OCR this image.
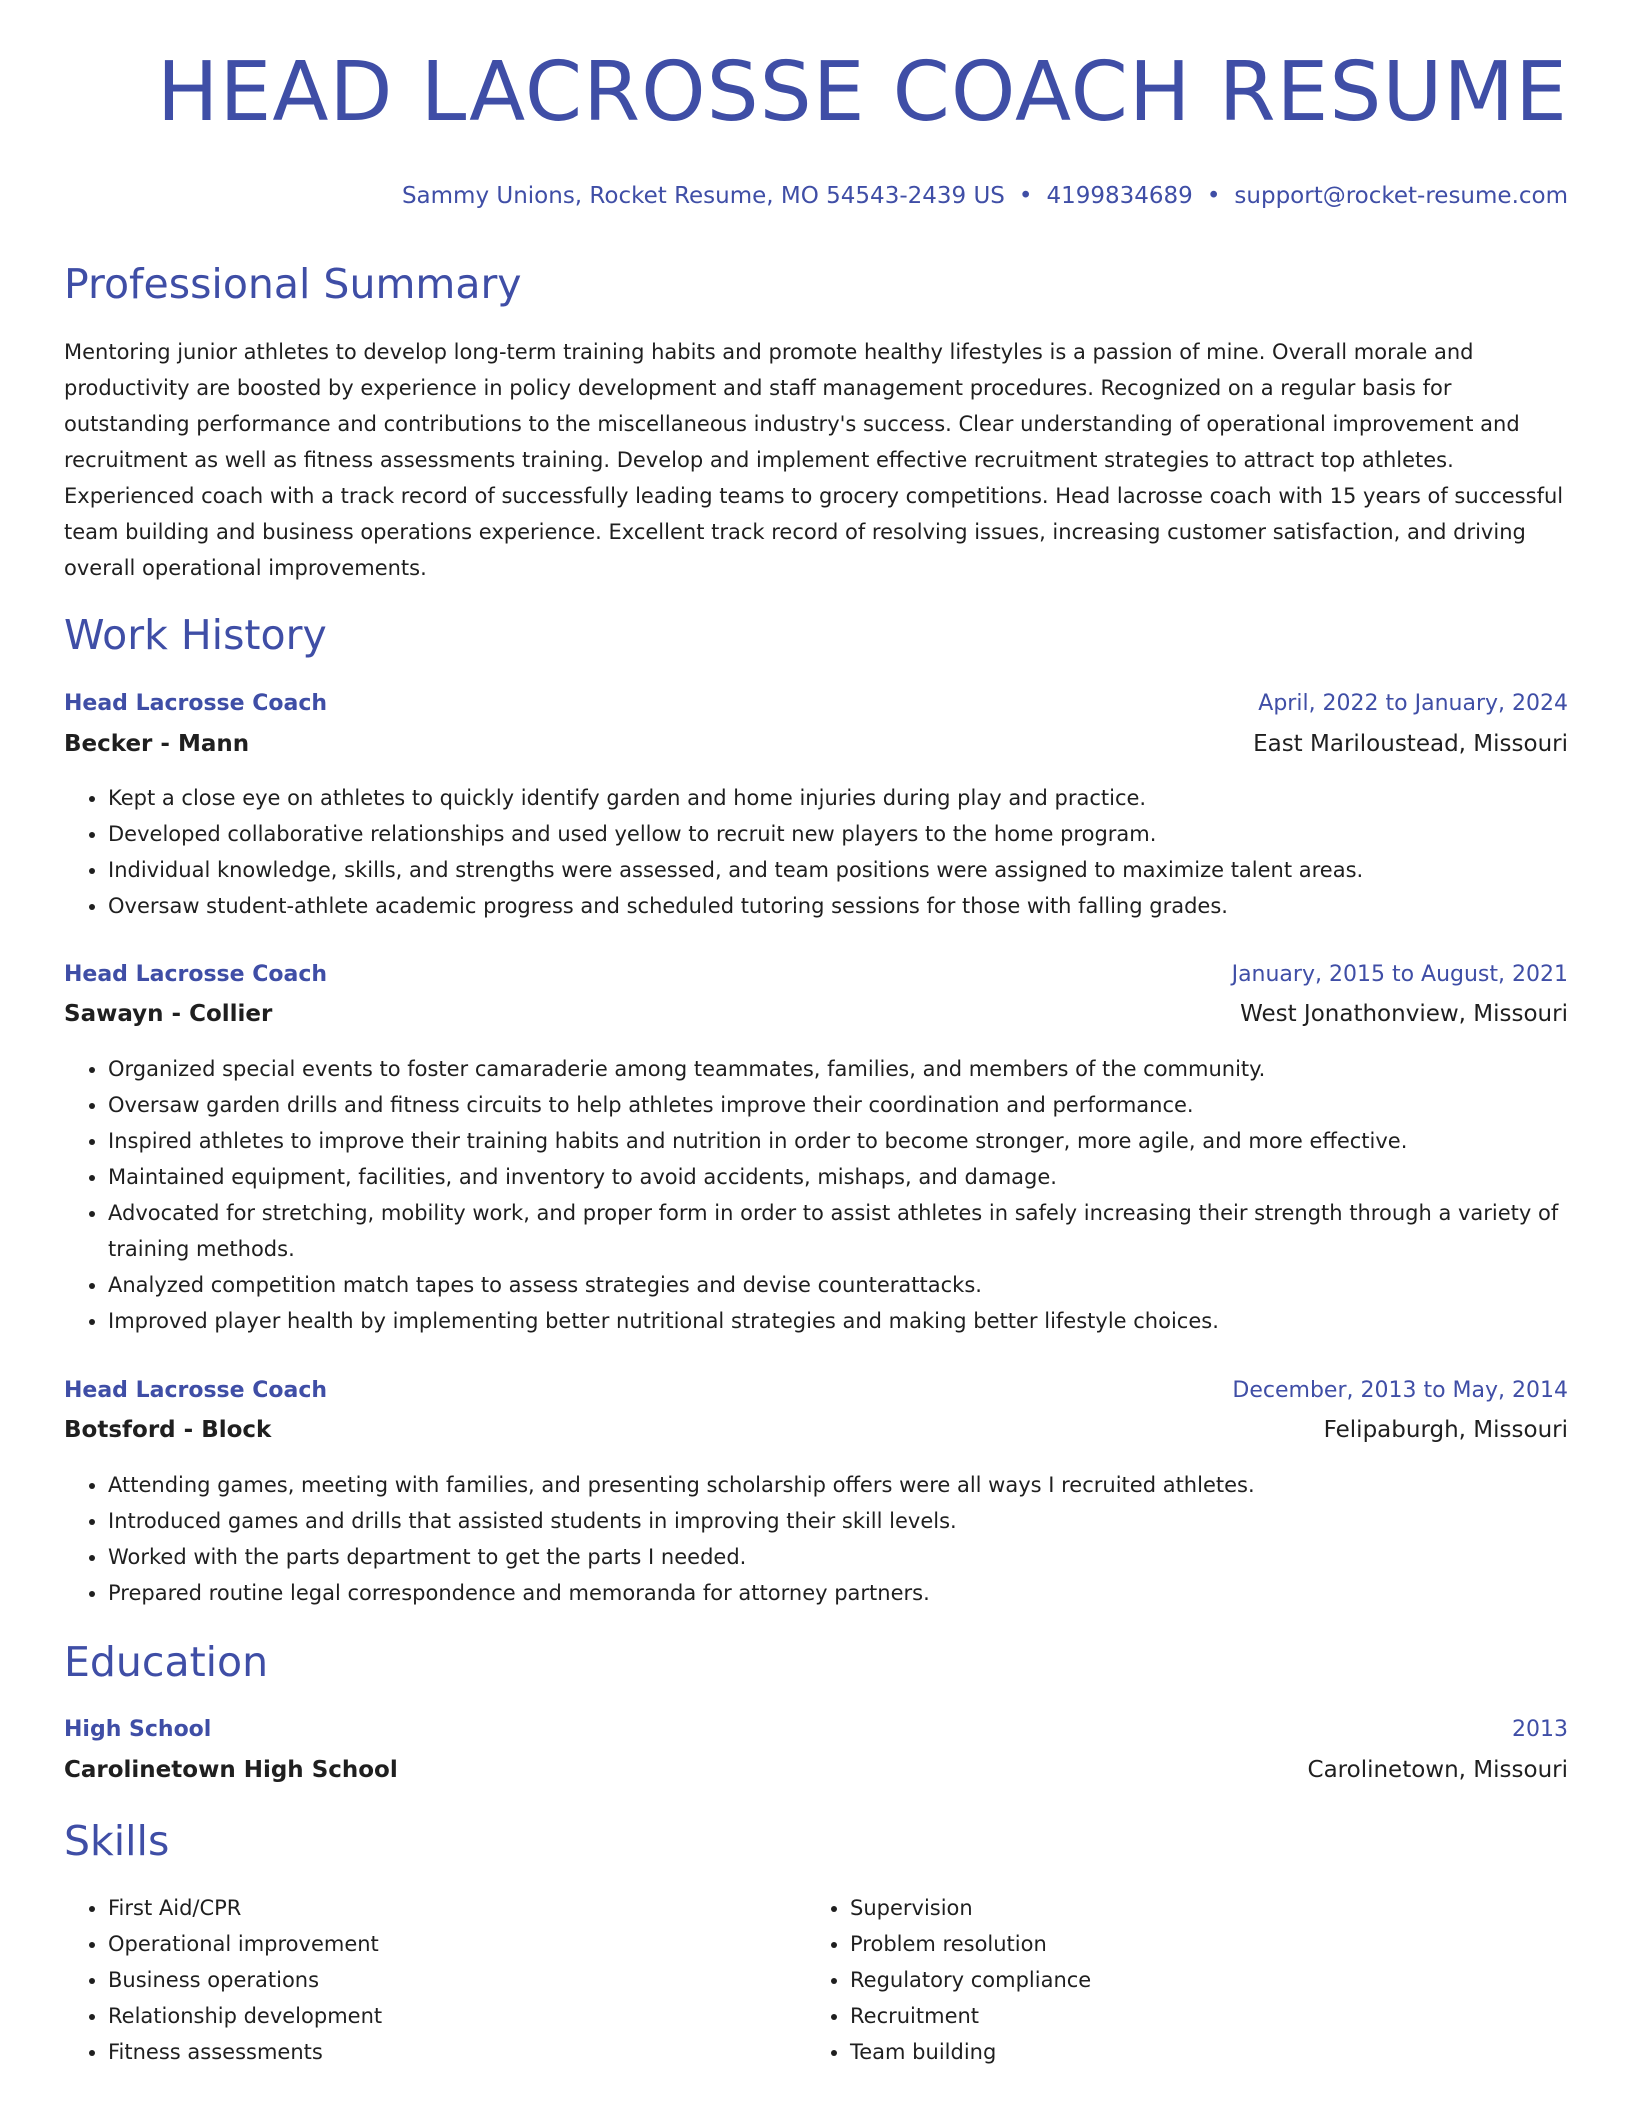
HEAD LACROSSE COACH RESUME
Sammy Unions, Rocket Resume, MO 54543-2439 US • 4199834689 • support@rocket-resume.com
Professional Summary

Mentoring junior athletes to develop long-term training habits and promote healthy lifestyles is a passion of mine. Overall morale and productivity are boosted by experience in policy development and staff management procedures. Recognized on a regular basis for outstanding performance and contributions to the miscellaneous industry's success. Clear understanding of operational improvement and recruitment as well as fitness assessments training. Develop and implement effective recruitment strategies to attract top athletes. Experienced coach with a track record of successfully leading teams to grocery competitions. Head lacrosse coach with 15 years of successful team building and business operations experience. Excellent track record of resolving issues, increasing customer satisfaction, and driving overall operational improvements.

Work History
Head Lacrosse Coach	April, 2022 to January, 2024
Becker - Mann	East Mariloustead, Missouri
• Kept a close eye on athletes to quickly identify garden and home injuries during play and practice.
• Developed collaborative relationships and used yellow to recruit new players to the home program.
• Individual knowledge, skills, and strengths were assessed, and team positions were assigned to maximize talent areas.
• Oversaw student-athlete academic progress and scheduled tutoring sessions for those with falling grades.
Head Lacrosse Coach	January, 2015 to August, 2021
Sawayn - Collier	West Jonathonview, Missouri
• Organized special events to foster camaraderie among teammates, families, and members of the community.
• Oversaw garden drills and fitness circuits to help athletes improve their coordination and performance.
• Inspired athletes to improve their training habits and nutrition in order to become stronger, more agile, and more effective.
• Maintained equipment, facilities, and inventory to avoid accidents, mishaps, and damage.
• Advocated for stretching, mobility work, and proper form in order to assist athletes in safely increasing their strength through a variety of training methods.
• Analyzed competition match tapes to assess strategies and devise counterattacks.
• Improved player health by implementing better nutritional strategies and making better lifestyle choices.
Head Lacrosse Coach	December, 2013 to May, 2014
Botsford - Block	Felipaburgh, Missouri
• Attending games, meeting with families, and presenting scholarship offers were all ways I recruited athletes.
• Introduced games and drills that assisted students in improving their skill levels.
• Worked with the parts department to get the parts I needed.
• Prepared routine legal correspondence and memoranda for attorney partners.
Education
High School	2013
Carolinetown High School	Carolinetown, Missouri
Skills
• First Aid/CPR
• Operational improvement
• Business operations
• Relationship development
• Fitness assessments
• Supervision
• Problem resolution
• Regulatory compliance
• Recruitment
• Team building
